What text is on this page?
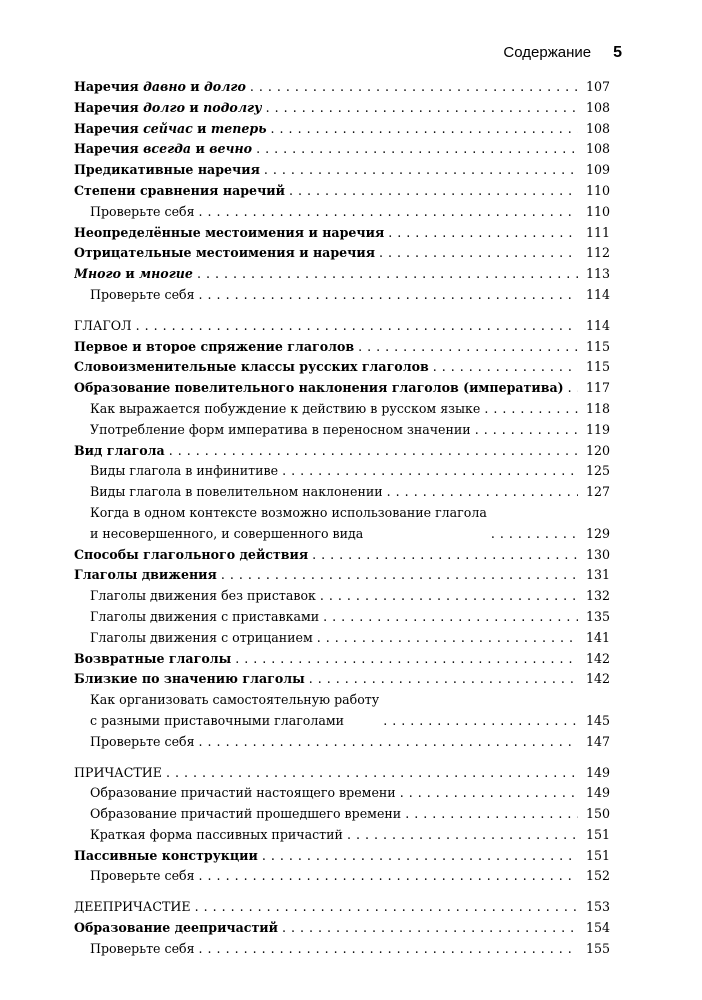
Содержание 5
Наречия давно и долго . . .	107
Наречия долго и подолгу . . .	108
Наречия сейчас и теперь . . .	108
Наречия всегда и вечно . . .	108
Предикативные наречия . . .	109
Степени сравнения наречий . . .	110
Проверьте себя . . .	110
Неопределённые местоимения и наречия . . .	111
Отрицательные местоимения и наречия . . .	112
Много и многие . . .	113
Проверьте себя . . .	114
ГЛАГОЛ . . .	114
Первое и второе спряжение глаголов . . .	115
Словоизменительные классы русских глаголов . . .	115
Образование повелительного наклонения глаголов (императива) . . .	117
Как выражается побуждение к действию в русском языке . . .	118
Употребление форм императива в переносном значении . . .	119
Вид глагола . . .	120
Виды глагола в инфинитиве . . .	125
Виды глагола в повелительном наклонении . . .	127
Когда в одном контексте возможно использование глагола
и несовершенного, и совершенного вида . . .	129
Способы глагольного действия . . .	130
Глаголы движения . . .	131
Глаголы движения без приставок . . .	132
Глаголы движения с приставками . . .	135
Глаголы движения с отрицанием . . .	141
Возвратные глаголы . . .	142
Близкие по значению глаголы . . .	142
Как организовать самостоятельную работу
с разными приставочными глаголами . . .	145
Проверьте себя . . .	147
ПРИЧАСТИЕ . . .	149
Образование причастий настоящего времени . . .	149
Образование причастий прошедшего времени . . .	150
Краткая форма пассивных причастий . . .	151
Пассивные конструкции . . .	151
Проверьте себя . . .	152
ДЕЕПРИЧАСТИЕ . . .	153
Образование деепричастий . . .	154
Проверьте себя . . .	155
